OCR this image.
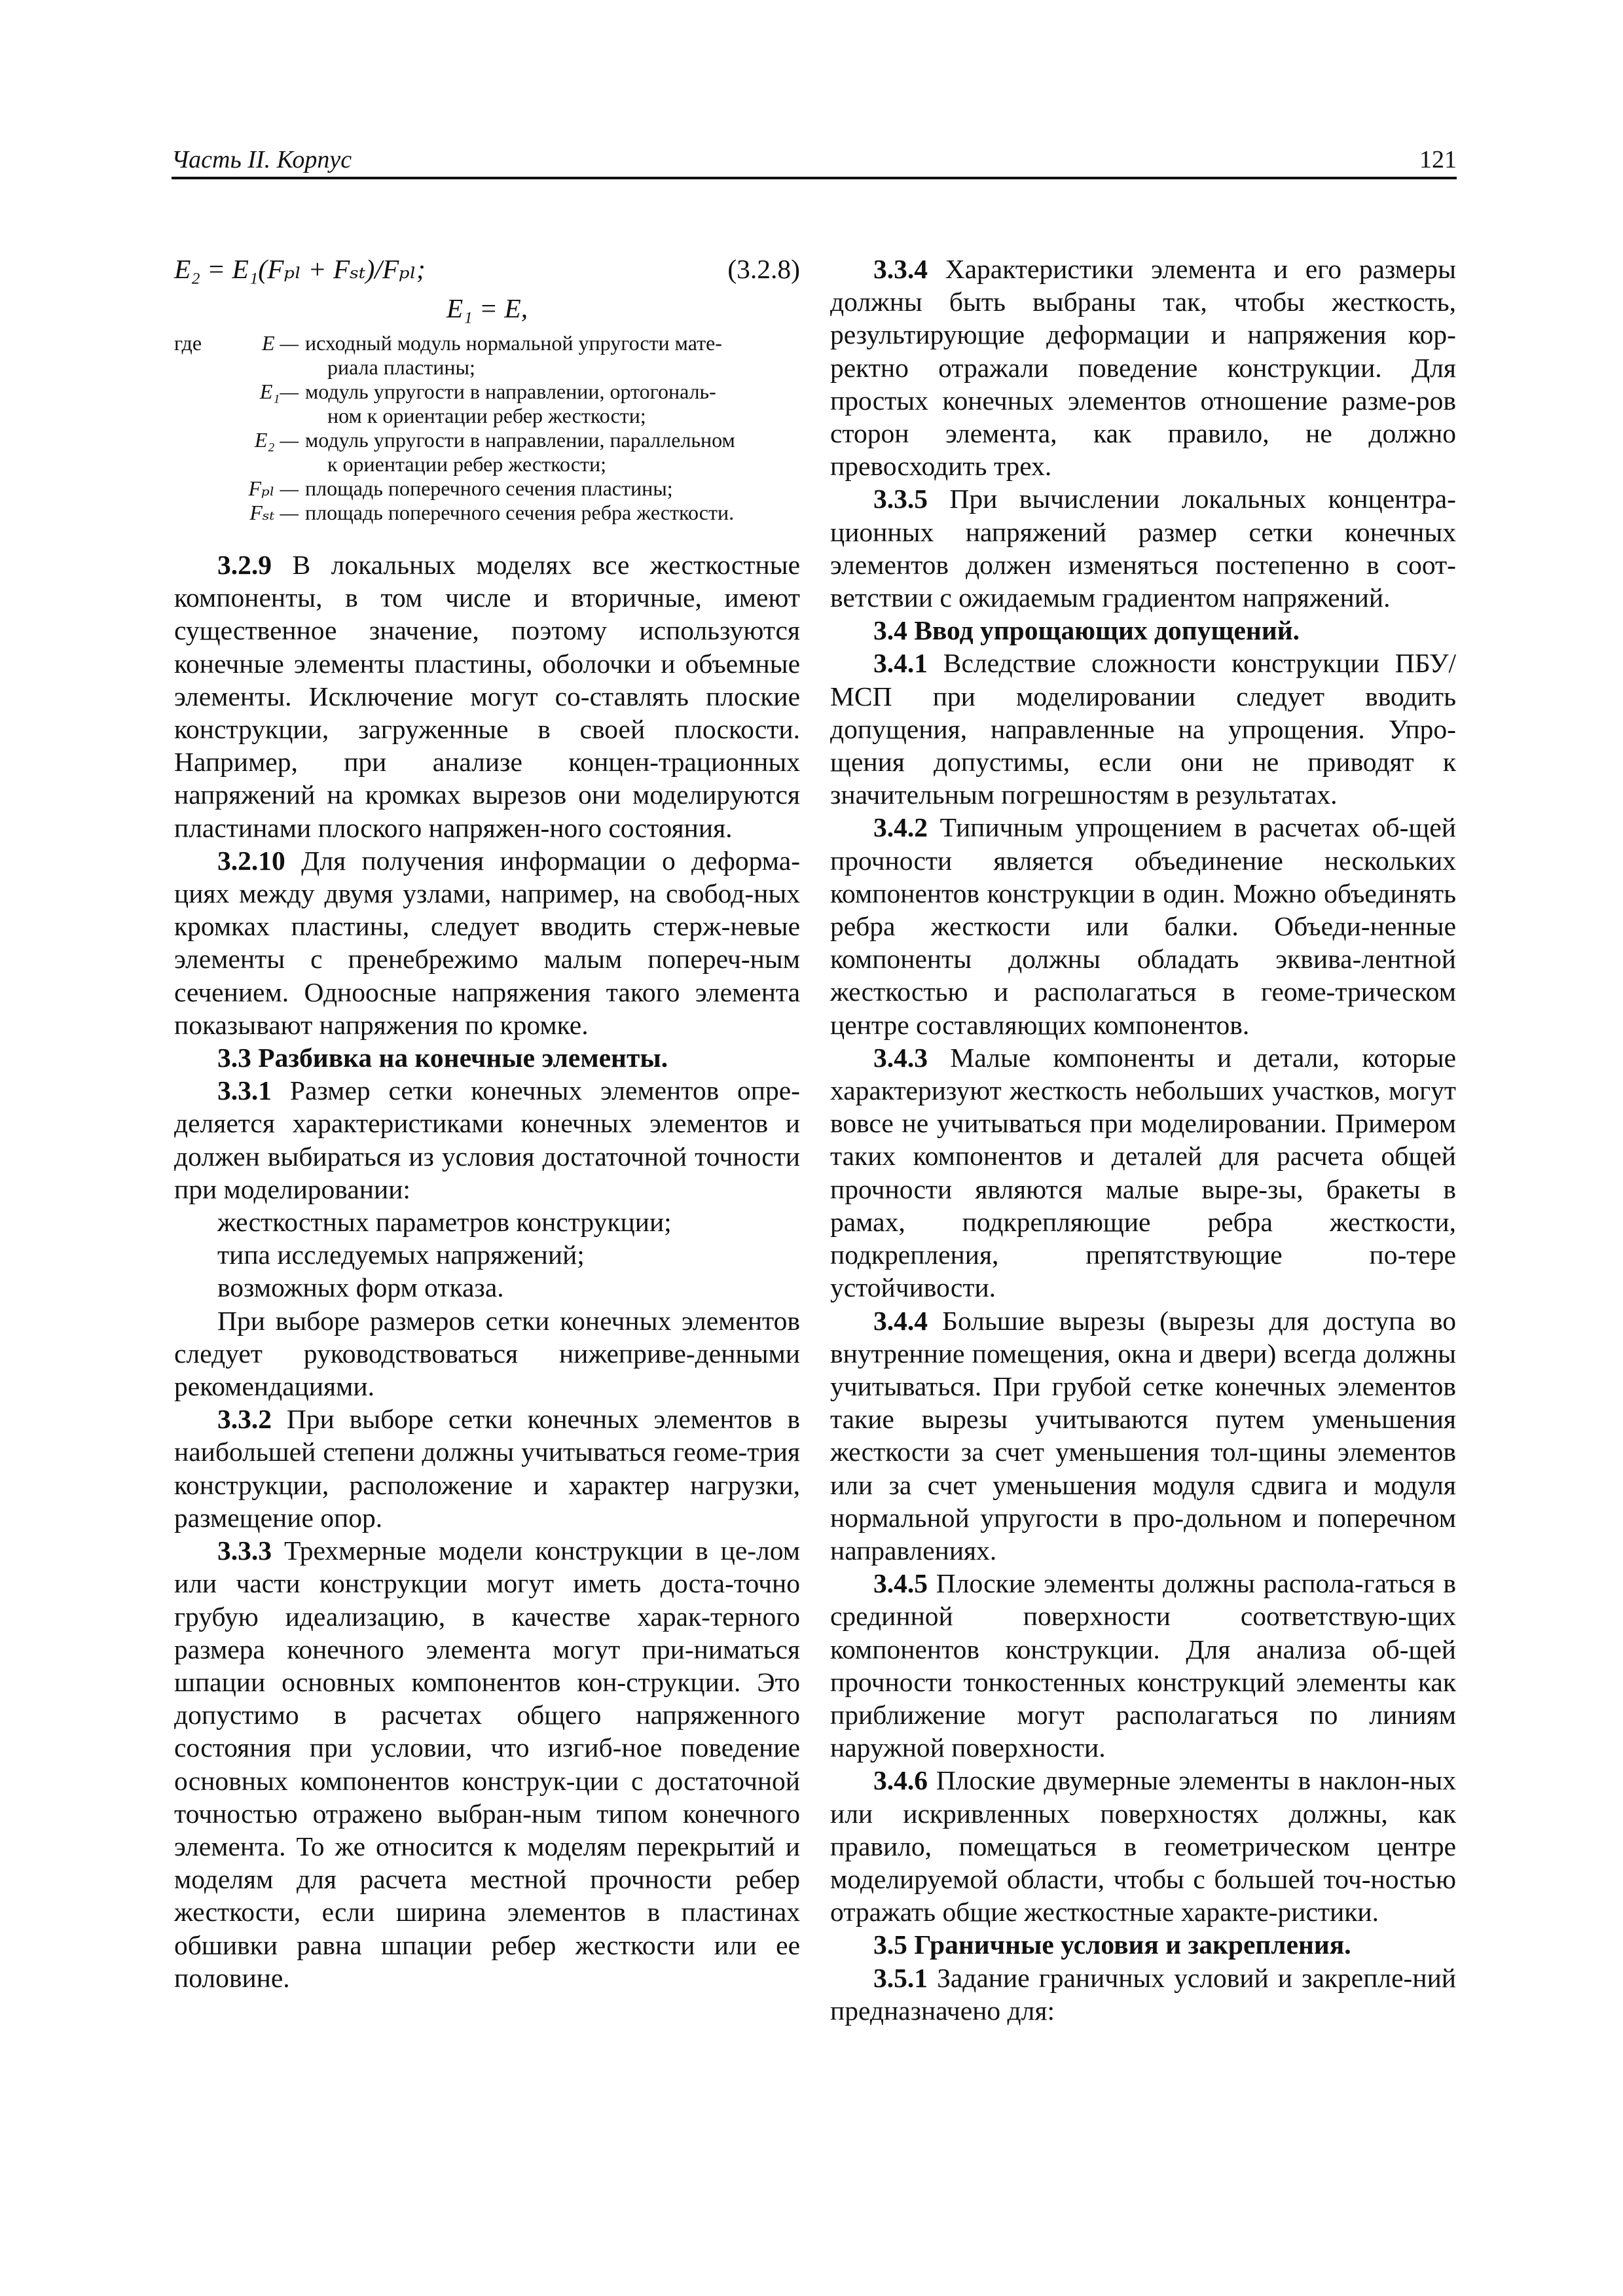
Часть II. Корпус	121
E₂ = E₁(Fₚₗ + Fₛₜ)/Fₚₗ;	(3.2.8)
E₁ = E,
где	E — исходный модуль нормальной упругости мате-
риала пластины;
E₁— модуль упругости в направлении, ортогональ-
ном к ориентации ребер жесткости;
E₂ — модуль упругости в направлении, параллельном
к ориентации ребер жесткости;
Fₚₗ — площадь поперечного сечения пластины;
Fₛₜ — площадь поперечного сечения ребра жесткости.

3.2.9 В локальных моделях все жесткостные компоненты, в том числе и вторичные, имеют существенное значение, поэтому используются конечные элементы пластины, оболочки и объемные элементы. Исключение могут со-ставлять плоские конструкции, загруженные в своей плоскости. Например, при анализе концен-трационных напряжений на кромках вырезов они моделируются пластинами плоского напряжен-ного состояния.

3.2.10 Для получения информации о деформа-циях между двумя узлами, например, на свобод-ных кромках пластины, следует вводить стерж-невые элементы с пренебрежимо малым попереч-ным сечением. Одноосные напряжения такого элемента показывают напряжения по кромке.

3.3 Разбивка на конечные элементы.

3.3.1 Размер сетки конечных элементов опре-деляется характеристиками конечных элементов и должен выбираться из условия достаточной точности при моделировании:

жесткостных параметров конструкции;

типа исследуемых напряжений;

возможных форм отказа.

При выборе размеров сетки конечных элементов следует руководствоваться нижеприве-денными рекомендациями.

3.3.2 При выборе сетки конечных элементов в наибольшей степени должны учитываться геоме-трия конструкции, расположение и характер нагрузки, размещение опор.

3.3.3 Трехмерные модели конструкции в це-лом или части конструкции могут иметь доста-точно грубую идеализацию, в качестве харак-терного размера конечного элемента могут при-ниматься шпации основных компонентов кон-струкции. Это допустимо в расчетах общего напряженного состояния при условии, что изгиб-ное поведение основных компонентов конструк-ции с достаточной точностью отражено выбран-ным типом конечного элемента. То же относится к моделям перекрытий и моделям для расчета местной прочности ребер жесткости, если ширина элементов в пластинах обшивки равна шпации ребер жесткости или ее половине.

3.3.4 Характеристики элемента и его размеры должны быть выбраны так, чтобы жесткость, результирующие деформации и напряжения кор-ректно отражали поведение конструкции. Для простых конечных элементов отношение разме-ров сторон элемента, как правило, не должно превосходить трех.

3.3.5 При вычислении локальных концентра-ционных напряжений размер сетки конечных элементов должен изменяться постепенно в соот-ветствии с ожидаемым градиентом напряжений.

3.4 Ввод упрощающих допущений.

3.4.1 Вследствие сложности конструкции ПБУ/МСП при моделировании следует вводить допущения, направленные на упрощения. Упро-щения допустимы, если они не приводят к значительным погрешностям в результатах.

3.4.2 Типичным упрощением в расчетах об-щей прочности является объединение нескольких компонентов конструкции в один. Можно объединять ребра жесткости или балки. Объеди-ненные компоненты должны обладать эквива-лентной жесткостью и располагаться в геоме-трическом центре составляющих компонентов.

3.4.3 Малые компоненты и детали, которые характеризуют жесткость небольших участков, могут вовсе не учитываться при моделировании. Примером таких компонентов и деталей для расчета общей прочности являются малые выре-зы, бракеты в рамах, подкрепляющие ребра жесткости, подкрепления, препятствующие по-тере устойчивости.

3.4.4 Большие вырезы (вырезы для доступа во внутренние помещения, окна и двери) всегда должны учитываться. При грубой сетке конечных элементов такие вырезы учитываются путем уменьшения жесткости за счет уменьшения тол-щины элементов или за счет уменьшения модуля сдвига и модуля нормальной упругости в про-дольном и поперечном направлениях.

3.4.5 Плоские элементы должны распола-гаться в срединной поверхности соответствую-щих компонентов конструкции. Для анализа об-щей прочности тонкостенных конструкций элементы как приближение могут располагаться по линиям наружной поверхности.

3.4.6 Плоские двумерные элементы в наклон-ных или искривленных поверхностях должны, как правило, помещаться в геометрическом центре моделируемой области, чтобы с большей точ-ностью отражать общие жесткостные характе-ристики.

3.5 Граничные условия и закрепления.

3.5.1 Задание граничных условий и закрепле-ний предназначено для:
